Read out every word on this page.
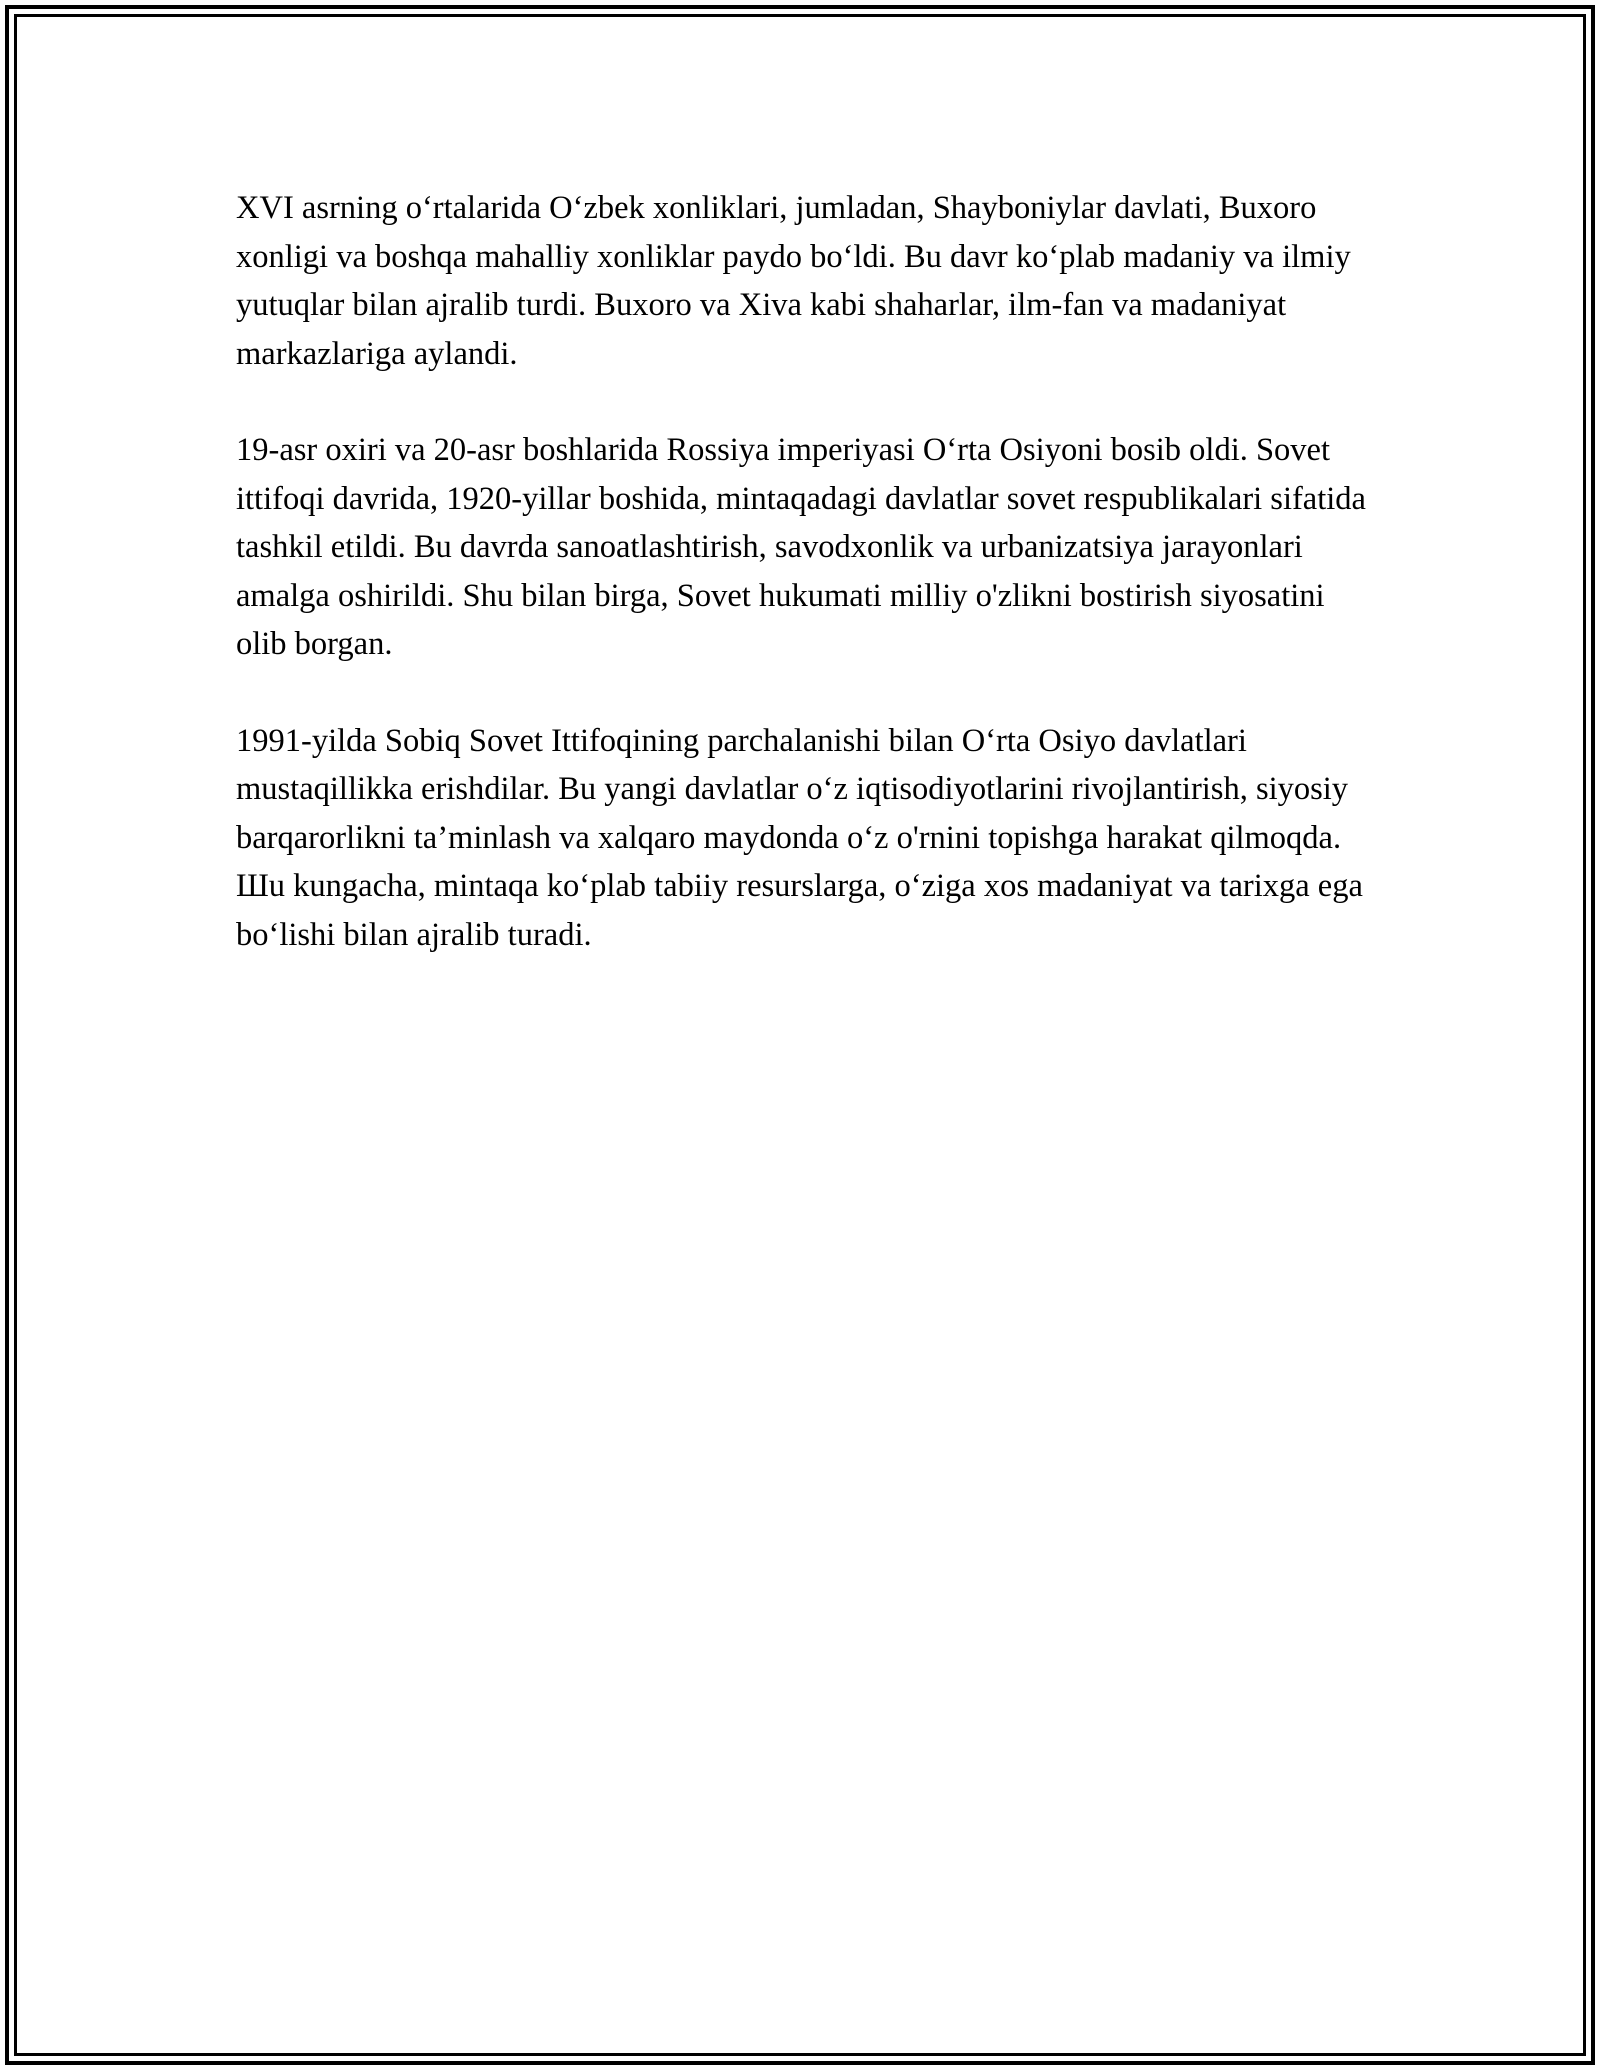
XVI asrning o‘rtalarida O‘zbek xonliklari, jumladan, Shayboniylar davlati, Buxoro xonligi va boshqa mahalliy xonliklar paydo bo‘ldi. Bu davr ko‘plab madaniy va ilmiy yutuqlar bilan ajralib turdi. Buxoro va Xiva kabi shaharlar, ilm-fan va madaniyat markazlariga aylandi.

19-asr oxiri va 20-asr boshlarida Rossiya imperiyasi O‘rta Osiyoni bosib oldi. Sovet ittifoqi davrida, 1920-yillar boshida, mintaqadagi davlatlar sovet respublikalari sifatida tashkil etildi. Bu davrda sanoatlashtirish, savodxonlik va urbanizatsiya jarayonlari amalga oshirildi. Shu bilan birga, Sovet hukumati milliy o'zlikni bostirish siyosatini olib borgan.

1991-yilda Sobiq Sovet Ittifoqining parchalanishi bilan O‘rta Osiyo davlatlari mustaqillikka erishdilar. Bu yangi davlatlar o‘z iqtisodiyotlarini rivojlantirish, siyosiy barqarorlikni ta’minlash va xalqaro maydonda o‘z o'rnini topishga harakat qilmoqda. Шu kungacha, mintaqa ko‘plab tabiiy resurslarga, o‘ziga xos madaniyat va tarixga ega bo‘lishi bilan ajralib turadi.
